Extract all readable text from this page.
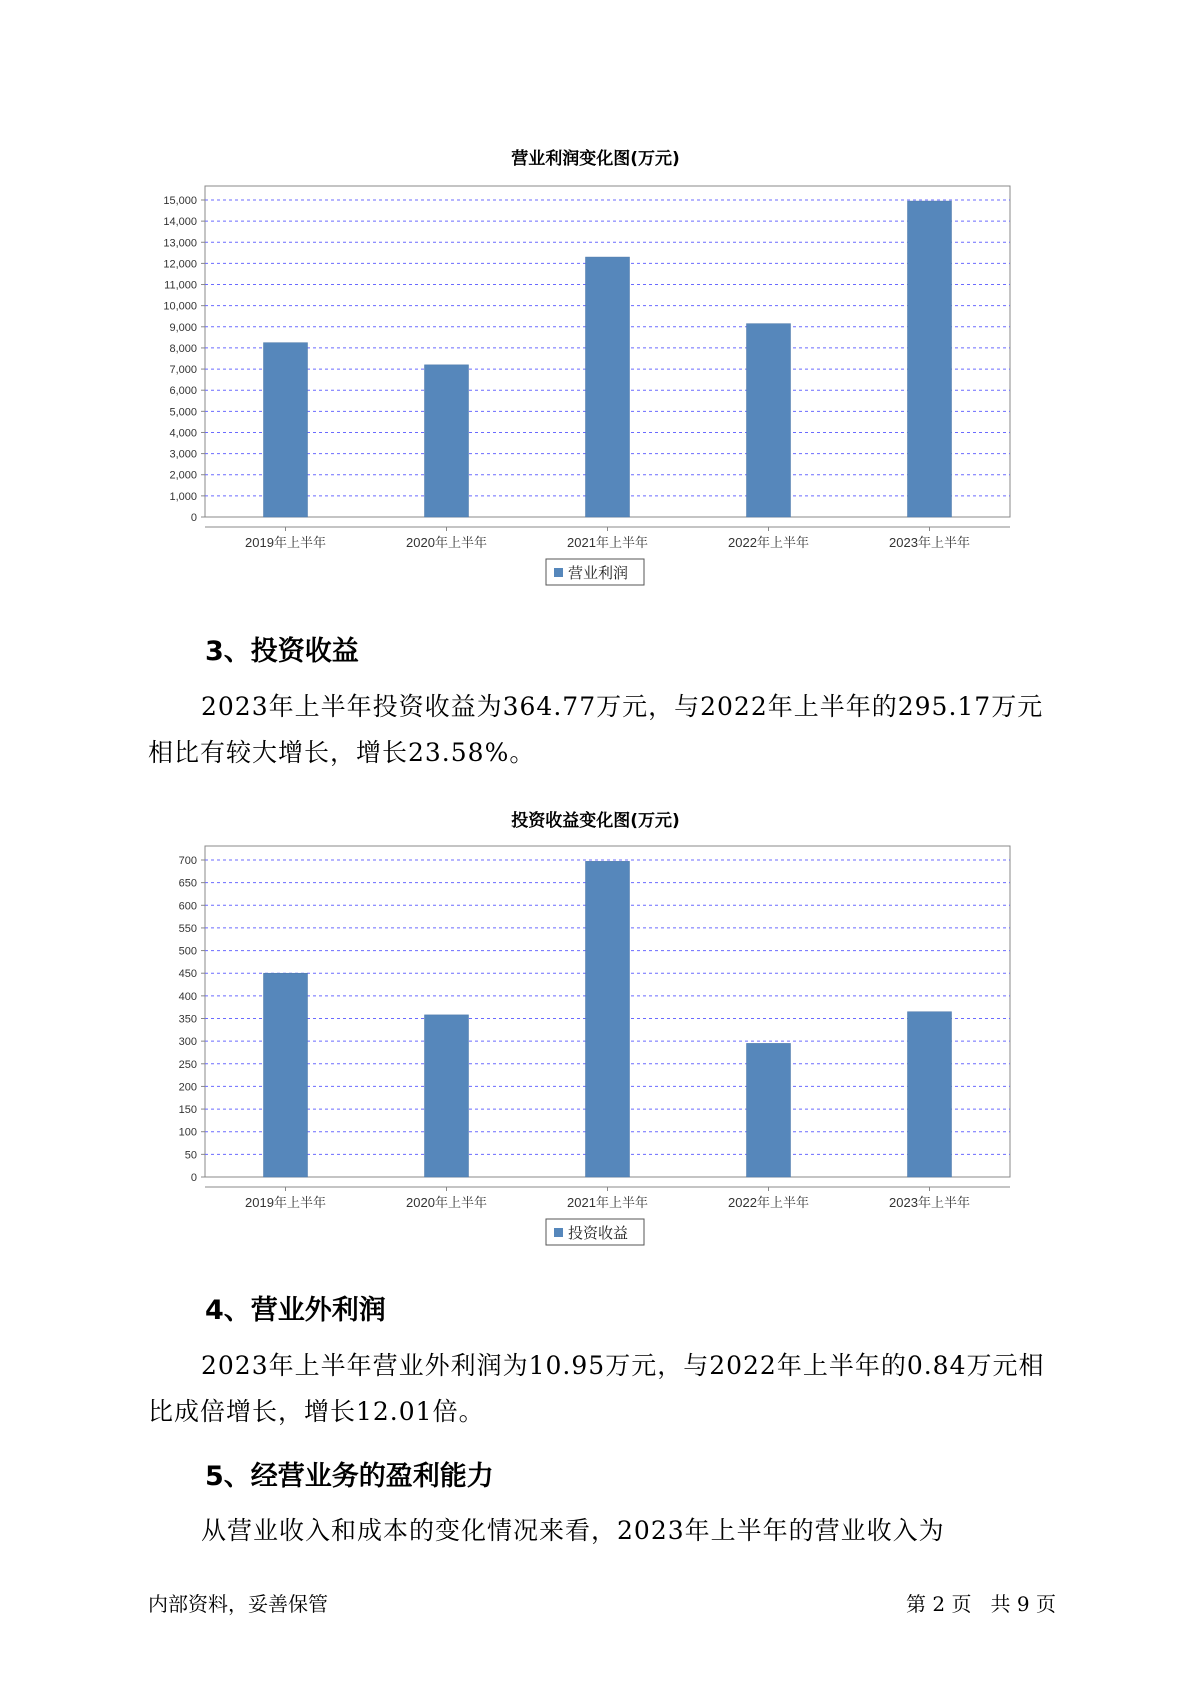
营业利润变化图(万元)
0
1,000
2,000
3,000
4,000
5,000
6,000
7,000
8,000
9,000
10,000
11,000
12,000
13,000
14,000
15,000
2019年上半年	2020年上半年	2021年上半年	2022年上半年	2023年上半年
营业利润
3、投资收益

2023年上半年投资收益为364.77万元，与2022年上半年的295.17万元相比有较大增长，增长23.58%。

投资收益变化图(万元)
0
50
100
150
200
250
300
350
400
450
500
550
600
650
700
2019年上半年	2020年上半年	2021年上半年	2022年上半年	2023年上半年
投资收益
4、营业外利润

2023年上半年营业外利润为10.95万元，与2022年上半年的0.84万元相比成倍增长，增长12.01倍。

5、经营业务的盈利能力

从营业收入和成本的变化情况来看，2023年上半年的营业收入为

内部资料，妥善保管	第 2 页   共 9 页
